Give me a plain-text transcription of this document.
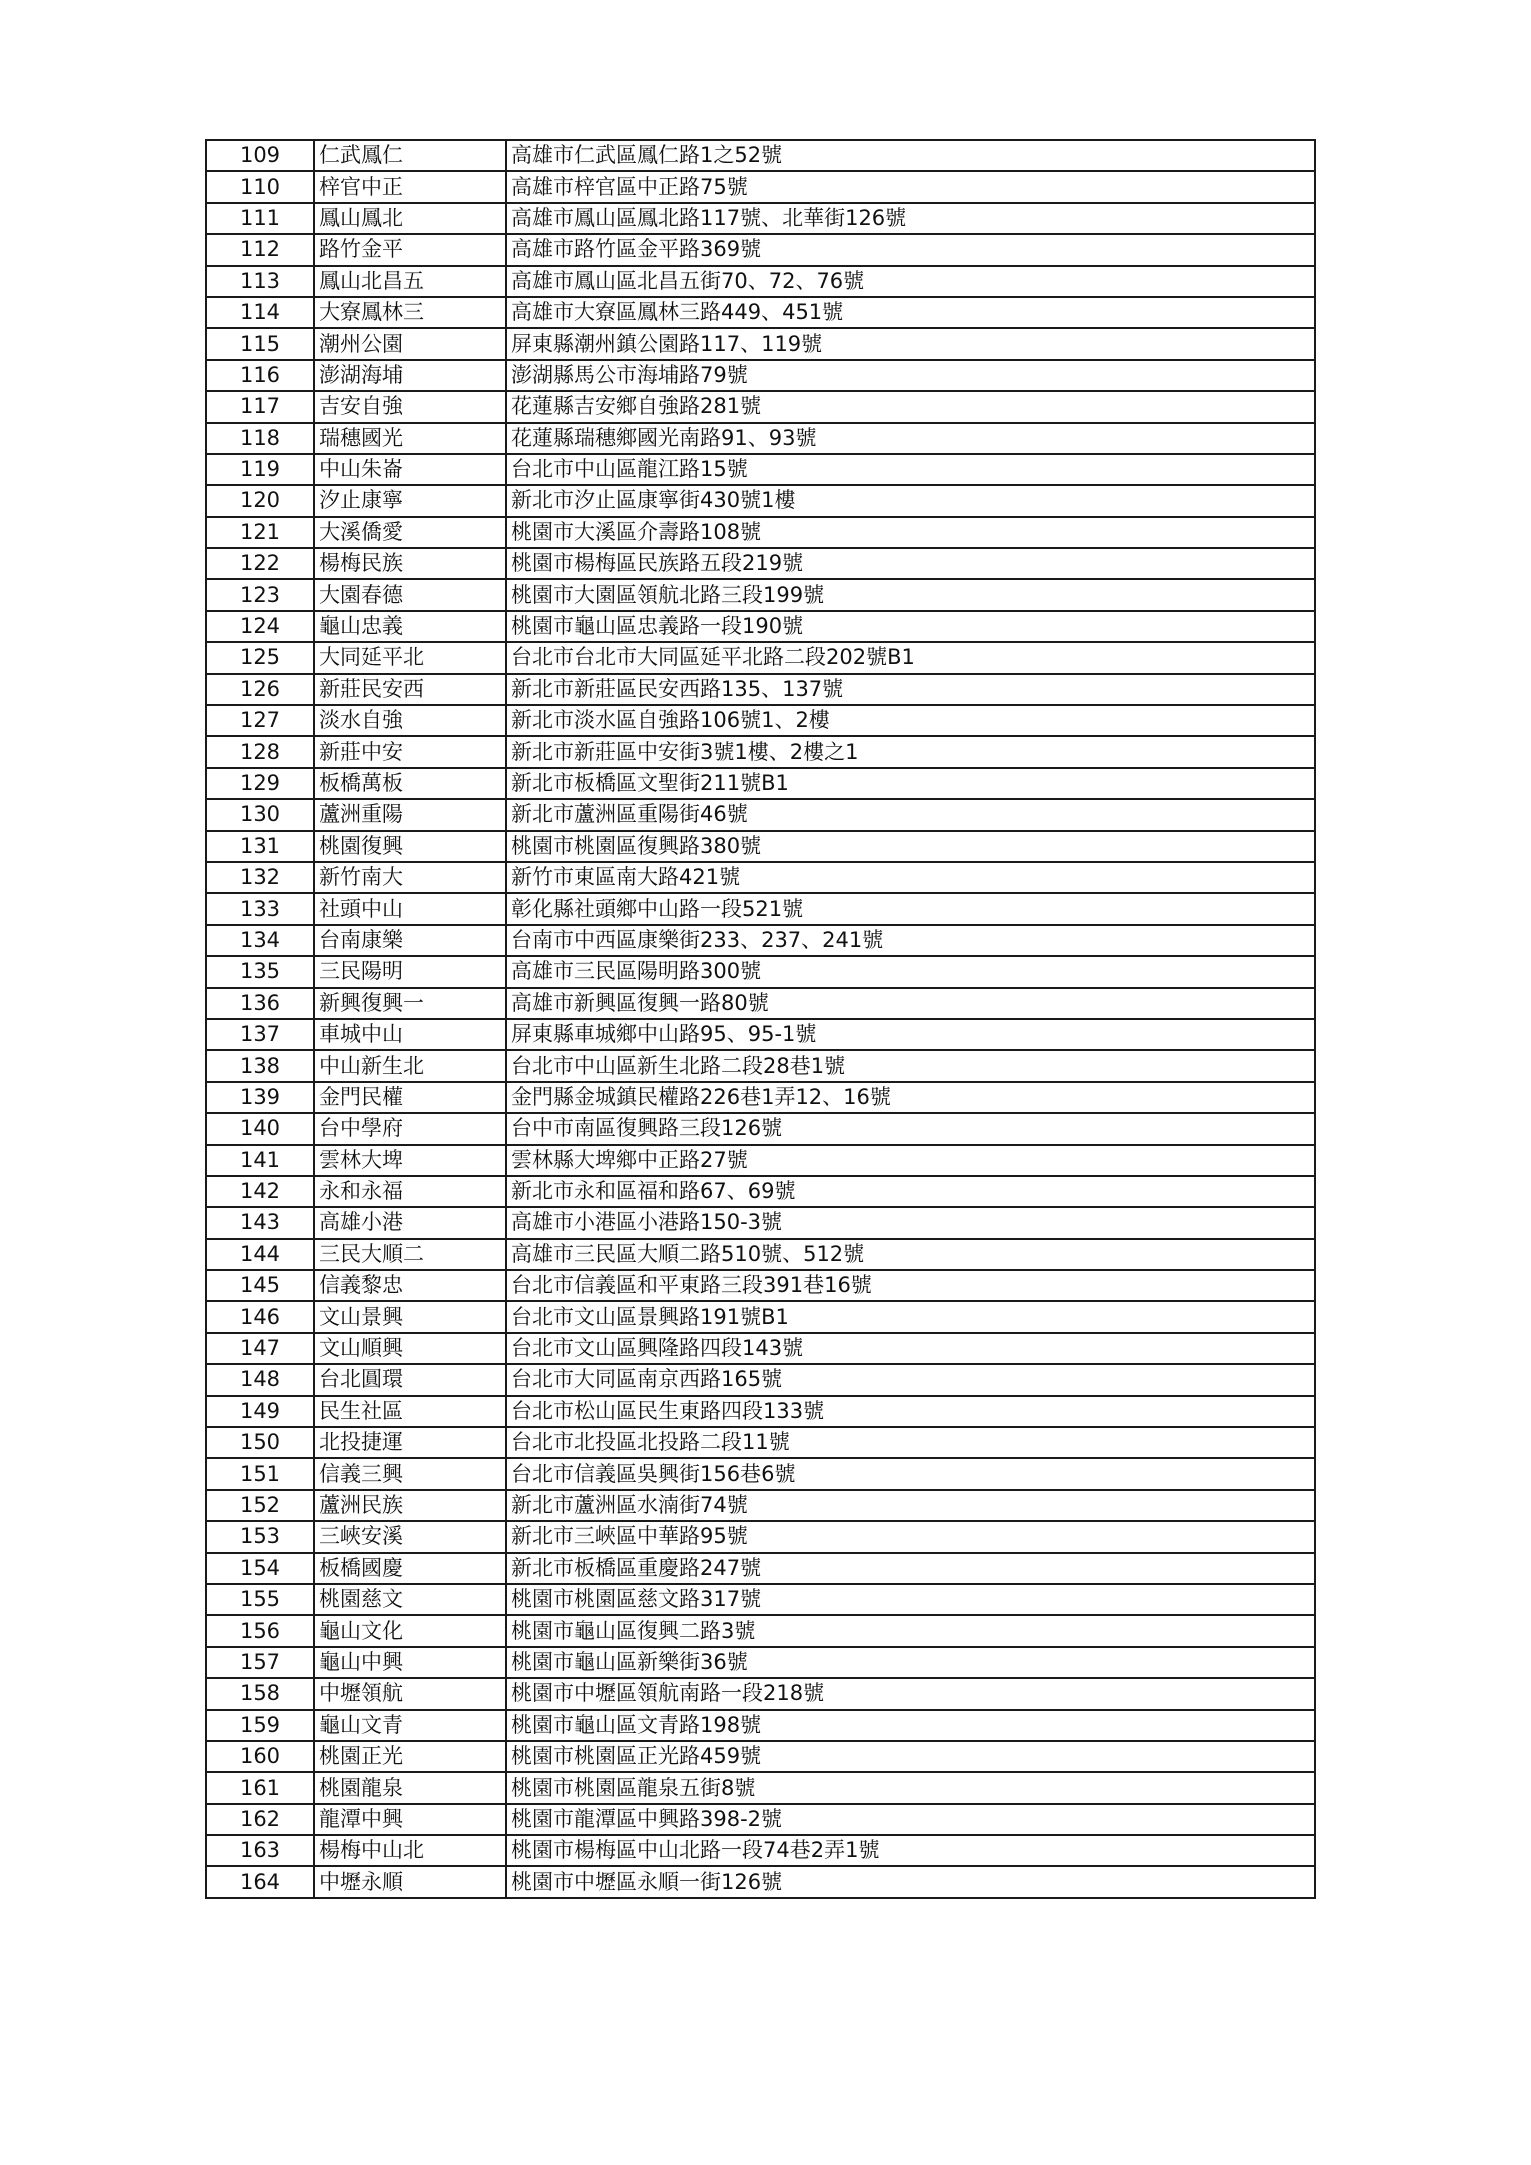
109	仁武鳳仁	高雄市仁武區鳳仁路1之52號
110	梓官中正	高雄市梓官區中正路75號
111	鳳山鳳北	高雄市鳳山區鳳北路117號、北華街126號
112	路竹金平	高雄市路竹區金平路369號
113	鳳山北昌五	高雄市鳳山區北昌五街70、72、76號
114	大寮鳳林三	高雄市大寮區鳳林三路449、451號
115	潮州公園	屏東縣潮州鎮公園路117、119號
116	澎湖海埔	澎湖縣馬公市海埔路79號
117	吉安自強	花蓮縣吉安鄉自強路281號
118	瑞穗國光	花蓮縣瑞穗鄉國光南路91、93號
119	中山朱崙	台北市中山區龍江路15號
120	汐止康寧	新北市汐止區康寧街430號1樓
121	大溪僑愛	桃園市大溪區介壽路108號
122	楊梅民族	桃園市楊梅區民族路五段219號
123	大園春德	桃園市大園區領航北路三段199號
124	龜山忠義	桃園市龜山區忠義路一段190號
125	大同延平北	台北市台北市大同區延平北路二段202號B1
126	新莊民安西	新北市新莊區民安西路135、137號
127	淡水自強	新北市淡水區自強路106號1、2樓
128	新莊中安	新北市新莊區中安街3號1樓、2樓之1
129	板橋萬板	新北市板橋區文聖街211號B1
130	蘆洲重陽	新北市蘆洲區重陽街46號
131	桃園復興	桃園市桃園區復興路380號
132	新竹南大	新竹市東區南大路421號
133	社頭中山	彰化縣社頭鄉中山路一段521號
134	台南康樂	台南市中西區康樂街233、237、241號
135	三民陽明	高雄市三民區陽明路300號
136	新興復興一	高雄市新興區復興一路80號
137	車城中山	屏東縣車城鄉中山路95、95-1號
138	中山新生北	台北市中山區新生北路二段28巷1號
139	金門民權	金門縣金城鎮民權路226巷1弄12、16號
140	台中學府	台中市南區復興路三段126號
141	雲林大埤	雲林縣大埤鄉中正路27號
142	永和永福	新北市永和區福和路67、69號
143	高雄小港	高雄市小港區小港路150-3號
144	三民大順二	高雄市三民區大順二路510號、512號
145	信義黎忠	台北市信義區和平東路三段391巷16號
146	文山景興	台北市文山區景興路191號B1
147	文山順興	台北市文山區興隆路四段143號
148	台北圓環	台北市大同區南京西路165號
149	民生社區	台北市松山區民生東路四段133號
150	北投捷運	台北市北投區北投路二段11號
151	信義三興	台北市信義區吳興街156巷6號
152	蘆洲民族	新北市蘆洲區水湳街74號
153	三峽安溪	新北市三峽區中華路95號
154	板橋國慶	新北市板橋區重慶路247號
155	桃園慈文	桃園市桃園區慈文路317號
156	龜山文化	桃園市龜山區復興二路3號
157	龜山中興	桃園市龜山區新樂街36號
158	中壢領航	桃園市中壢區領航南路一段218號
159	龜山文青	桃園市龜山區文青路198號
160	桃園正光	桃園市桃園區正光路459號
161	桃園龍泉	桃園市桃園區龍泉五街8號
162	龍潭中興	桃園市龍潭區中興路398-2號
163	楊梅中山北	桃園市楊梅區中山北路一段74巷2弄1號
164	中壢永順	桃園市中壢區永順一街126號
